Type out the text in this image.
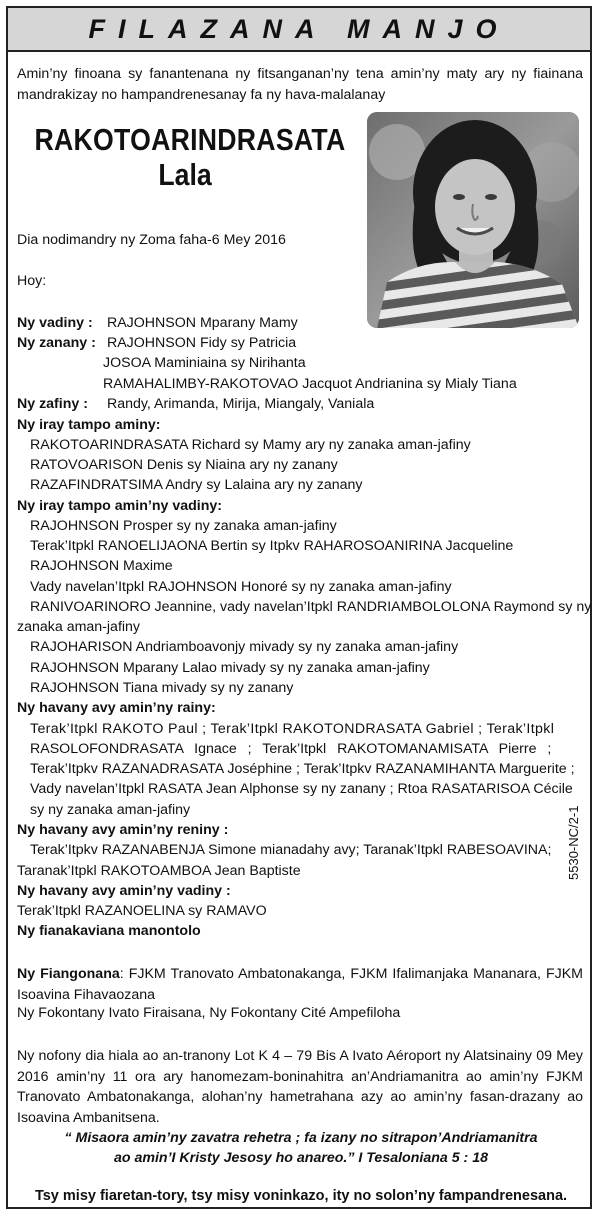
FILAZANA MANJO

Amin’ny finoana sy fanantenana ny fitsanganan’ny tena amin’ny maty ary ny fiainana mandrakizay no hampandrenesanay fa ny hava-malalanay

RAKOTOARINDRASATA
Lala
Dia nodimandry ny Zoma faha-6 Mey 2016
Hoy:
Ny vadiny : RAJOHNSON Mparany Mamy
Ny zanany : RAJOHNSON Fidy sy Patricia
JOSOA Maminiaina sy Nirihanta
RAMAHALIMBY-RAKOTOVAO Jacquot Andrianina sy Mialy Tiana
Ny zafiny : Randy, Arimanda, Mirija, Miangaly, Vaniala
Ny iray tampo aminy:
RAKOTOARINDRASATA Richard sy Mamy ary ny zanaka aman-jafiny
RATOVOARISON Denis sy Niaina ary ny zanany
RAZAFINDRATSIMA Andry sy Lalaina ary ny zanany
Ny iray tampo amin’ny vadiny:
RAJOHNSON Prosper sy ny zanaka aman-jafiny
Terak’Itpkl RANOELIJAONA Bertin sy Itpkv RAHAROSOANIRINA Jacqueline
RAJOHNSON Maxime
Vady navelan’Itpkl RAJOHNSON Honoré sy ny zanaka aman-jafiny
RANIVOARINORO Jeannine, vady navelan’Itpkl RANDRIAMBOLOLONA Raymond sy ny
zanaka aman-jafiny
RAJOHARISON Andriamboavonjy mivady sy ny zanaka aman-jafiny
RAJOHNSON Mparany Lalao mivady sy ny zanaka aman-jafiny
RAJOHNSON Tiana mivady sy ny zanany
Ny havany avy amin’ny rainy:
Terak’Itpkl RAKOTO Paul ; Terak’Itpkl RAKOTONDRASATA Gabriel ; Terak’Itpkl
RASOLOFONDRASATA Ignace ; Terak’Itpkl RAKOTOMANAMISATA Pierre ;
Terak’Itpkv RAZANADRASATA Joséphine ; Terak’Itpkv RAZANAMIHANTA Marguerite ;
Vady navelan’Itpkl RASATA Jean Alphonse sy ny zanany ; Rtoa RASATARISOA Cécile
sy ny zanaka aman-jafiny
Ny havany avy amin’ny reniny :
Terak’Itpkv RAZANABENJA Simone mianadahy avy; Taranak’Itpkl RABESOAVINA;
Taranak’Itpkl RAKOTOAMBOA Jean Baptiste
Ny havany avy amin’ny vadiny :
Terak’Itpkl RAZANOELINA sy RAMAVO
Ny fianakaviana manontolo
5530-NC/2-1

Ny Fiangonana: FJKM Tranovato Ambatonakanga, FJKM Ifalimanjaka Mananara, FJKM Isoavina Fihavaozana

Ny Fokontany Ivato Firaisana, Ny Fokontany Cité Ampefiloha

Ny nofony dia hiala ao an-tranony Lot K 4 – 79 Bis A Ivato Aéroport ny Alatsinainy 09 Mey 2016 amin’ny 11 ora ary hanomezam-boninahitra an’Andriamanitra ao amin’ny FJKM Tranovato Ambatonakanga, alohan’ny hametrahana azy ao amin’ny fasan-drazany ao Isoavina Ambanitsena.

“ Misaora amin’ny zavatra rehetra ; fa izany no sitrapon’Andriamanitra
ao amin’I Kristy Jesosy ho anareo.” I Tesaloniana 5 : 18
Tsy misy fiaretan-tory, tsy misy voninkazo, ity no solon’ny fampandrenesana.
